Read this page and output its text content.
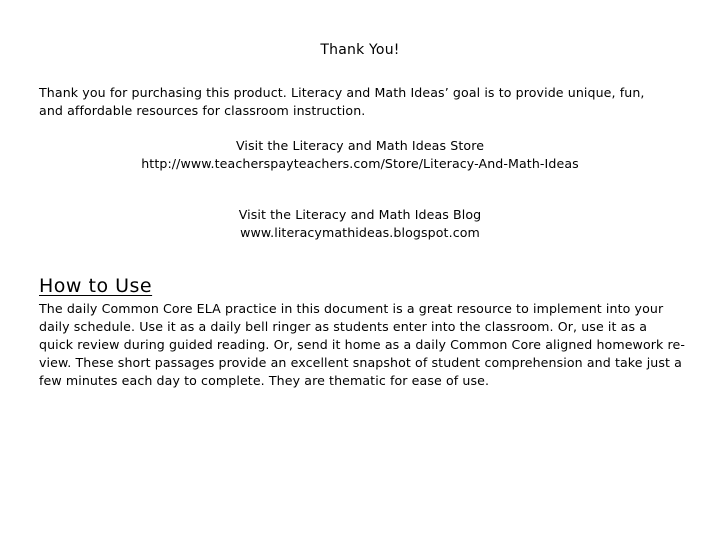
Thank You!
Thank you for purchasing this product. Literacy and Math Ideas’ goal is to provide unique, fun,
and affordable resources for classroom instruction.
Visit the Literacy and Math Ideas Store
http://www.teacherspayteachers.com/Store/Literacy-And-Math-Ideas
Visit the Literacy and Math Ideas Blog
www.literacymathideas.blogspot.com
How to Use
The daily Common Core ELA practice in this document is a great resource to implement into your
daily schedule. Use it as a daily bell ringer as students enter into the classroom. Or, use it as a
quick review during guided reading. Or, send it home as a daily Common Core aligned homework re-
view. These short passages provide an excellent snapshot of student comprehension and take just a
few minutes each day to complete. They are thematic for ease of use.
